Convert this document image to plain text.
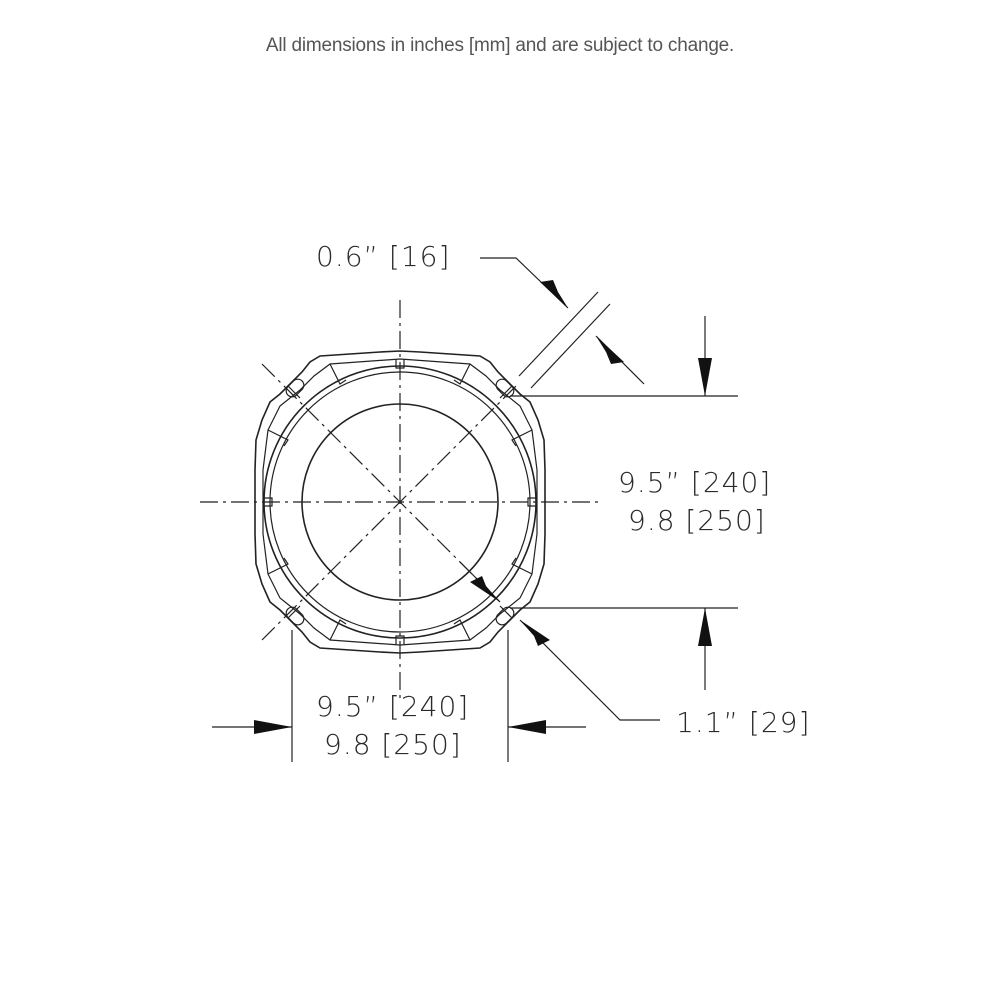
All dimensions in inches [mm] and are subject to change.
0.6” [16]
9.5” [240]
9.8 [250]
9.5” [240]
9.8 [250]
1.1” [29]
